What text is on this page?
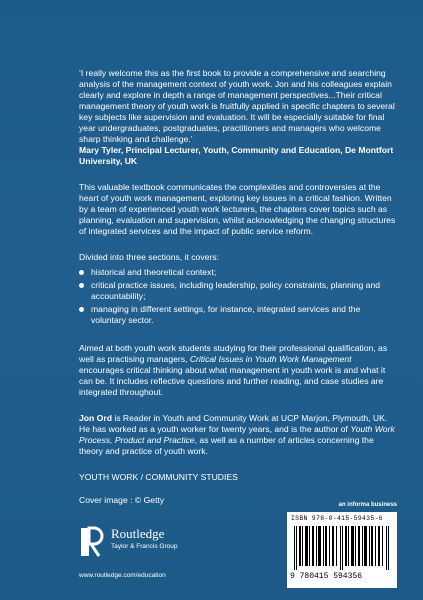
‘I really welcome this as the first book to provide a comprehensive and searching analysis of the management context of youth work. Jon and his colleagues explain clearly and explore in depth a range of management perspectives...Their critical management theory of youth work is fruitfully applied in specific chapters to several key subjects like supervision and evaluation. It will be especially suitable for final year undergraduates, postgraduates, practitioners and managers who welcome sharp thinking and challenge.’

Mary Tyler, Principal Lecturer, Youth, Community and Education, De Montfort University, UK

This valuable textbook communicates the complexities and controversies at the heart of youth work management, exploring key issues in a critical fashion. Written by a team of experienced youth work lecturers, the chapters cover topics such as planning, evaluation and supervision, whilst acknowledging the changing structures of integrated services and the impact of public service reform.

Divided into three sections, it covers:

historical and theoretical context;
critical practice issues, including leadership, policy constraints, planning and accountability;
managing in different settings, for instance, integrated services and the voluntary sector.

Aimed at both youth work students studying for their professional qualification, as well as practising managers, Critical Issues in Youth Work Management encourages critical thinking about what management in youth work is and what it can be. It includes reflective questions and further reading, and case studies are integrated throughout.

Jon Ord is Reader in Youth and Community Work at UCP Marjon, Plymouth, UK. He has worked as a youth worker for twenty years, and is the author of Youth Work Process, Product and Practice, as well as a number of articles concerning the theory and practice of youth work.

YOUTH WORK / COMMUNITY STUDIES

Cover image : © Getty

Routledge
Taylor & Francis Group
www.routledge.com/education
an informa business
ISBN 978-0-415-59435-6
9 780415 594356
